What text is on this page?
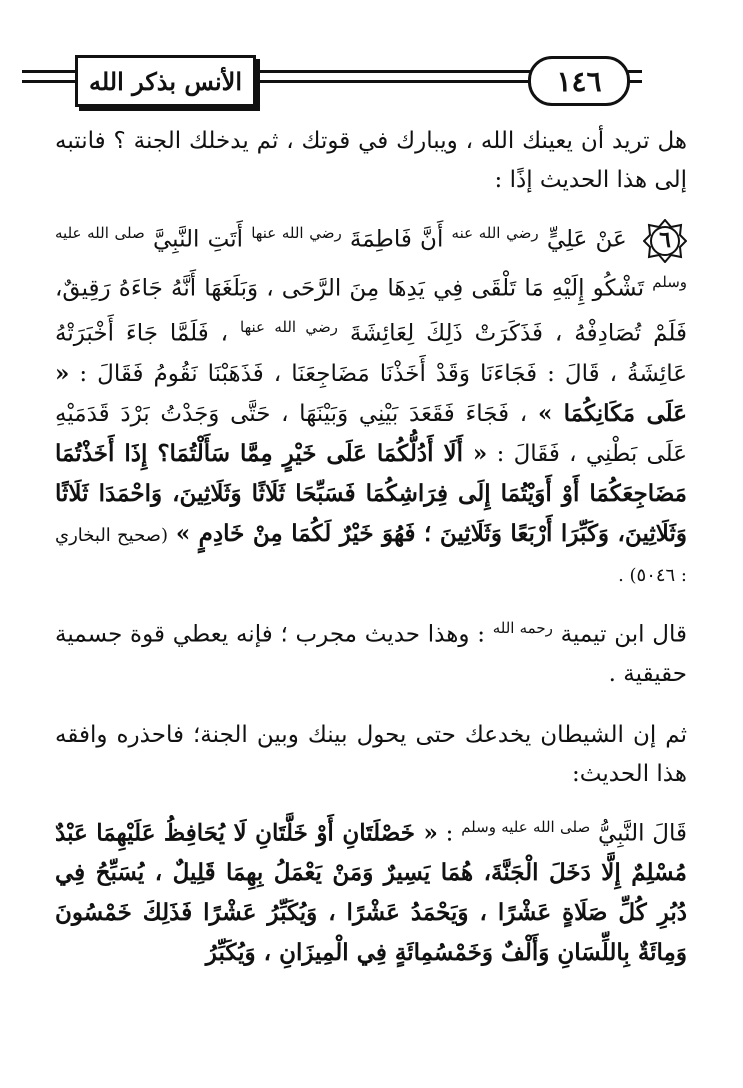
الأنس بذكر الله	١٤٦

هل تريد أن يعينك الله ، ويبارك في قوتك ، ثم يدخلك الجنة ؟ فانتبه إلى هذا الحديث إذًا :

٦
عَنْ عَلِيٍّ $^{رضي الله عنه}$ أَنَّ فَاطِمَةَ $^{رضي الله عنها}$ أَتَتِ النَّبِيَّ $^{صلى الله عليه وسلم}$ تَشْكُو إِلَيْهِ مَا تَلْقَى فِي يَدِهَا مِنَ الرَّحَى ، وَبَلَغَهَا أَنَّهُ جَاءَهُ رَقِيقٌ، فَلَمْ تُصَادِفْهُ ، فَذَكَرَتْ ذَلِكَ لِعَائِشَةَ $^{رضي الله عنها}$ ، فَلَمَّا جَاءَ أَخْبَرَتْهُ عَائِشَةُ ، قَالَ : فَجَاءَنَا وَقَدْ أَخَذْنَا مَضَاجِعَنَا ، فَذَهَبْنَا نَقُومُ فَقَالَ : « عَلَى مَكَانِكُمَا » ، فَجَاءَ فَقَعَدَ بَيْنِي وَبَيْنَهَا ، حَتَّى وَجَدْتُ بَرْدَ قَدَمَيْهِ عَلَى بَطْنِي ، فَقَالَ : « أَلَا أَدُلُّكُمَا عَلَى خَيْرٍ مِمَّا سَأَلْتُمَا؟ إِذَا أَخَذْتُمَا مَضَاجِعَكُمَا أَوْ أَوَيْتُمَا إِلَى فِرَاشِكُمَا فَسَبِّحَا ثَلَاثًا وَثَلَاثِينَ، وَاحْمَدَا ثَلَاثًا وَثَلَاثِينَ، وَكَبِّرَا أَرْبَعًا وَثَلَاثِينَ ؛ فَهُوَ خَيْرٌ لَكُمَا مِنْ خَادِمٍ » (صحيح البخاري : ٥٠٤٦) .

قال ابن تيمية $^{رحمه الله}$ : وهذا حديث مجرب ؛ فإنه يعطي قوة جسمية حقيقية .

ثم إن الشيطان يخدعك حتى يحول بينك وبين الجنة؛ فاحذره وافقه هذا الحديث:

قَالَ النَّبِيُّ $^{صلى الله عليه وسلم}$ : « خَصْلَتَانِ أَوْ خَلَّتَانِ لَا يُحَافِظُ عَلَيْهِمَا عَبْدٌ مُسْلِمٌ إِلَّا دَخَلَ الْجَنَّةَ، هُمَا يَسِيرٌ وَمَنْ يَعْمَلُ بِهِمَا قَلِيلٌ ، يُسَبِّحُ فِي دُبُرِ كُلِّ صَلَاةٍ عَشْرًا ، وَيَحْمَدُ عَشْرًا ، وَيُكَبِّرُ عَشْرًا فَذَلِكَ خَمْسُونَ وَمِائَةٌ بِاللِّسَانِ وَأَلْفٌ وَخَمْسُمِائَةٍ فِي الْمِيزَانِ ، وَيُكَبِّرُ
